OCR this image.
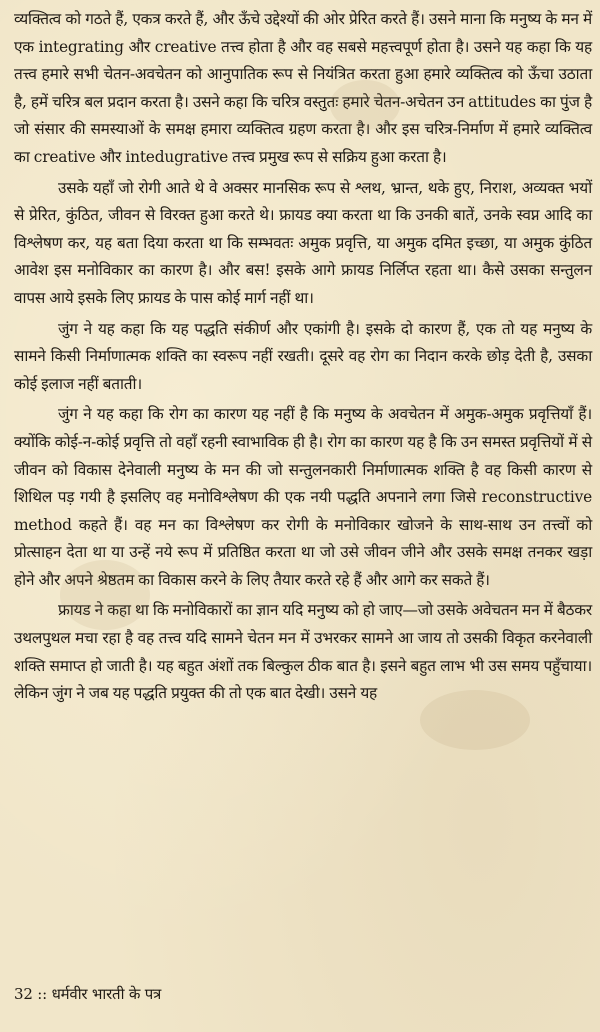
व्यक्तित्व को गठते हैं, एकत्र करते हैं, और ऊँचे उद्देश्यों की ओर प्रेरित करते हैं। उसने माना कि मनुष्य के मन में एक integrating और creative तत्त्व होता है और वह सबसे महत्त्वपूर्ण होता है। उसने यह कहा कि यह तत्त्व हमारे सभी चेतन-अवचेतन को आनुपातिक रूप से नियंत्रित करता हुआ हमारे व्यक्तित्व को ऊँचा उठाता है, हमें चरित्र बल प्रदान करता है। उसने कहा कि चरित्र वस्तुतः हमारे चेतन-अचेतन उन attitudes का पुंज है जो संसार की समस्याओं के समक्ष हमारा व्यक्तित्व ग्रहण करता है। और इस चरित्र-निर्माण में हमारे व्यक्तित्व का creative और intedugrative तत्त्व प्रमुख रूप से सक्रिय हुआ करता है।

उसके यहाँ जो रोगी आते थे वे अक्सर मानसिक रूप से श्लथ, भ्रान्त, थके हुए, निराश, अव्यक्त भयों से प्रेरित, कुंठित, जीवन से विरक्त हुआ करते थे। फ्रायड क्या करता था कि उनकी बातें, उनके स्वप्न आदि का विश्लेषण कर, यह बता दिया करता था कि सम्भवतः अमुक प्रवृत्ति, या अमुक दमित इच्छा, या अमुक कुंठित आवेश इस मनोविकार का कारण है। और बस! इसके आगे फ्रायड निर्लिप्त रहता था। कैसे उसका सन्तुलन वापस आये इसके लिए फ्रायड के पास कोई मार्ग नहीं था।

जुंग ने यह कहा कि यह पद्धति संकीर्ण और एकांगी है। इसके दो कारण हैं, एक तो यह मनुष्य के सामने किसी निर्माणात्मक शक्ति का स्वरूप नहीं रखती। दूसरे वह रोग का निदान करके छोड़ देती है, उसका कोई इलाज नहीं बताती।

जुंग ने यह कहा कि रोग का कारण यह नहीं है कि मनुष्य के अवचेतन में अमुक-अमुक प्रवृत्तियाँ हैं। क्योंकि कोई-न-कोई प्रवृत्ति तो वहाँ रहनी स्वाभाविक ही है। रोग का कारण यह है कि उन समस्त प्रवृत्तियों में से जीवन को विकास देनेवाली मनुष्य के मन की जो सन्तुलनकारी निर्माणात्मक शक्ति है वह किसी कारण से शिथिल पड़ गयी है इसलिए वह मनोविश्लेषण की एक नयी पद्धति अपनाने लगा जिसे reconstructive method कहते हैं। वह मन का विश्लेषण कर रोगी के मनोविकार खोजने के साथ-साथ उन तत्त्वों को प्रोत्साहन देता था या उन्हें नये रूप में प्रतिष्ठित करता था जो उसे जीवन जीने और उसके समक्ष तनकर खड़ा होने और अपने श्रेष्ठतम का विकास करने के लिए तैयार करते रहे हैं और आगे कर सकते हैं।

फ्रायड ने कहा था कि मनोविकारों का ज्ञान यदि मनुष्य को हो जाए—जो उसके अवेचतन मन में बैठकर उथलपुथल मचा रहा है वह तत्त्व यदि सामने चेतन मन में उभरकर सामने आ जाय तो उसकी विकृत करनेवाली शक्ति समाप्त हो जाती है। यह बहुत अंशों तक बिल्कुल ठीक बात है। इसने बहुत लाभ भी उस समय पहुँचाया। लेकिन जुंग ने जब यह पद्धति प्रयुक्त की तो एक बात देखी। उसने यह

32 :: धर्मवीर भारती के पत्र
